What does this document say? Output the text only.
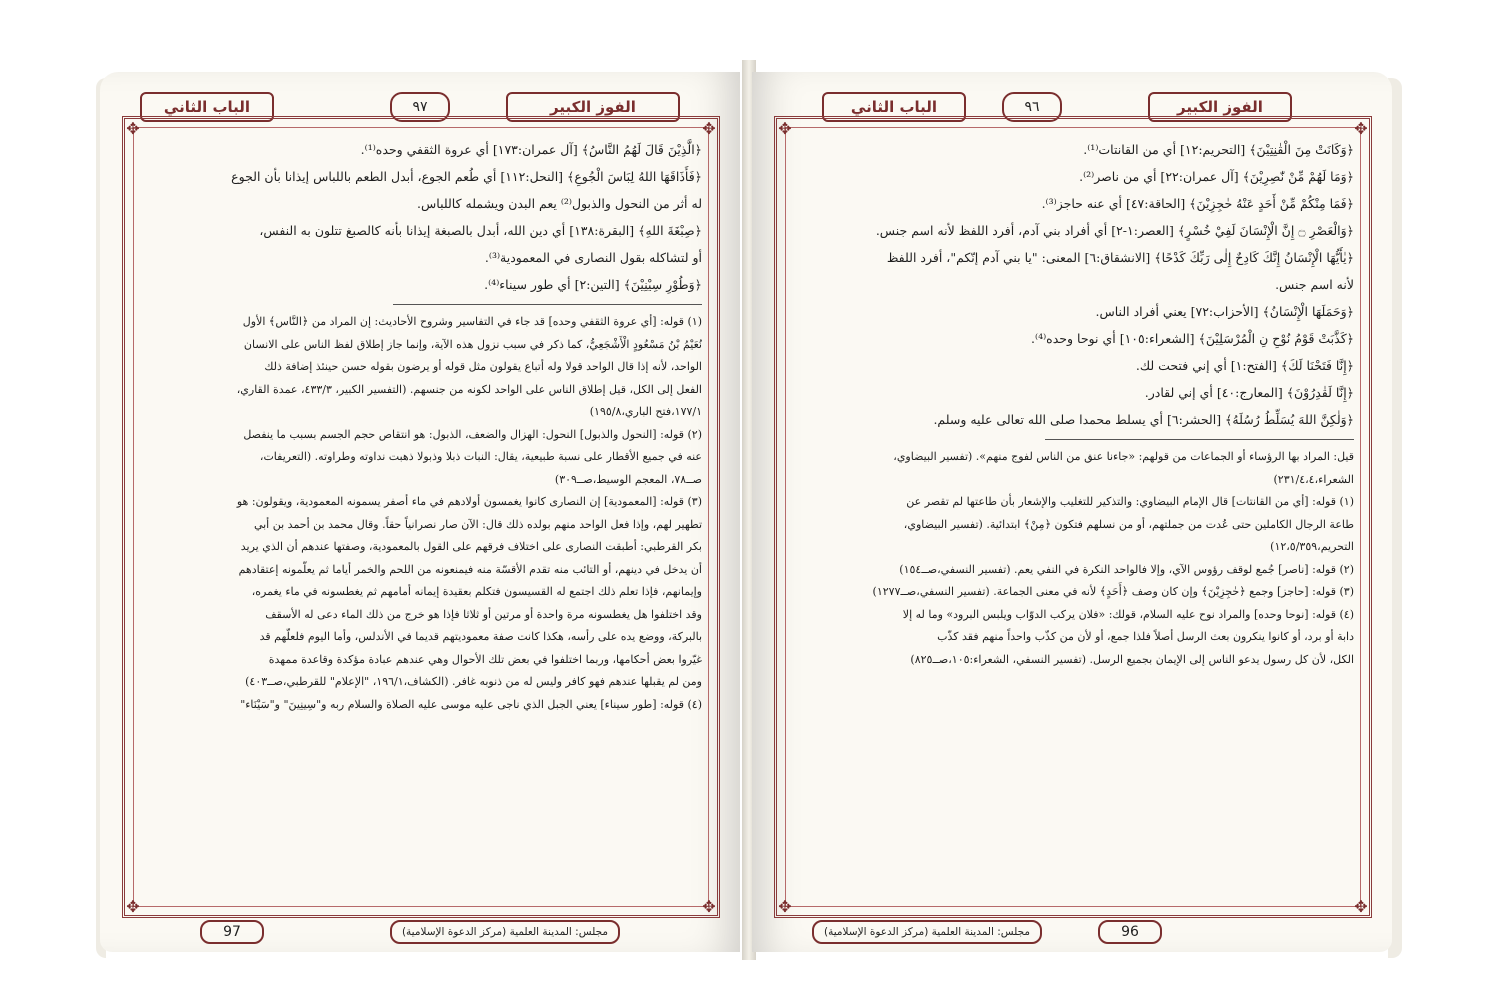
الفوز الكبير
٩٧
الباب الثاني
✥	✥
✥	✥
﴿الَّذِيْنَ قَالَ لَهُمُ النَّاسُ﴾ [آل عمران:١٧٣] أي عروة الثقفي وحده⁽¹⁾.
﴿فَأَذَاقَهَا اللهُ لِبَاسَ الْجُوعِ﴾ [النحل:١١٢] أي طُعم الجوع، أبدل الطعم باللباس إيذانا بأن الجوع
له أثر من النحول والذبول⁽²⁾ يعم البدن ويشمله كاللباس.
﴿صِبْغَةَ اللهِ﴾ [البقرة:١٣٨] أي دين الله، أبدل بالصبغة إيذانا بأنه كالصبغ تتلون به النفس،
أو لتشاكله بقول النصارى في المعمودية⁽³⁾.
﴿وَطُوْرِ سِيْنِيْنَ﴾ [التين:٢] أي طور سيناء⁽⁴⁾.
(١) قوله: [أي عروة الثقفي وحده] قد جاء في التفاسير وشروح الأحاديث: إن المراد من ﴿النَّاس﴾ الأول
نُعَيْمُ بْنُ مَسْعُودٍ الْأَشْجَعِيُّ، كما ذكر في سبب نزول هذه الآية، وإنما جاز إطلاق لفظ الناس على الانسان
الواحد، لأنه إذا قال الواحد قولا وله أتباع يقولون مثل قوله أو يرضون بقوله حسن حينئذ إضافة ذلك
الفعل إلى الكل، قيل إطلاق الناس على الواحد لكونه من جنسهم. (التفسير الكبير، ٤٣٣/٣، عمدة القاري،
١٧٧/١،فتح الباري،١٩٥/٨)
(٢) قوله: [النحول والذبول] النحول: الهزال والضعف، الذبول: هو انتقاص حجم الجسم بسبب ما ينفصل
عنه في جميع الأقطار على نسبة طبيعية، يقال: النبات ذبلا وذبولا ذهبت نداوته وطراوته. (التعريفات،
صــ٧٨، المعجم الوسيط،صــ٣٠٩)
(٣) قوله: [المعمودية] إن النصارى كانوا يغمسون أولادهم في ماء أصفر يسمونه المعمودية، ويقولون: هو
تطهير لهم، وإذا فعل الواحد منهم بولده ذلك قال: الآن صار نصرانياً حقاً. وقال محمد بن أحمد بن أبي
بكر القرطبي: أطبقت النصارى على اختلاف فرقهم على القول بالمعمودية، وصفتها عندهم أن الذي يريد
أن يدخل في دينهم، أو التائب منه تقدم الأقسّة منه فيمنعونه من اللحم والخمر أياما ثم يعلّمونه إعتقادهم
وإيمانهم، فإذا تعلم ذلك اجتمع له القسيسون فتكلم بعقيدة إيمانه أمامهم ثم يغطسونه في ماء يغمره،
وقد اختلفوا هل يغطسونه مرة واحدة أو مرتين أو ثلاثا فإذا هو خرج من ذلك الماء دعى له الأسقف
بالبركة، ووضع يده على رأسه، هكذا كانت صفة معموديتهم قديما في الأندلس، وأما اليوم فلعلّهم قد
غيّروا بعض أحكامها، وربما اختلفوا في بعض تلك الأحوال وهي عندهم عبادة مؤكدة وقاعدة ممهدة
ومن لم يقبلها عندهم فهو كافر وليس له من ذنوبه غافر. (الكشاف،١٩٦/١، "الإعلام" للقرطبي،صــ٤٠٣)
(٤) قوله: [طور سيناء] يعني الجبل الذي ناجى عليه موسى عليه الصلاة والسلام ربه و"سِينِينَ" و"سَيْنَاء"
مجلس: المدينة العلمية (مركز الدعوة الإسلامية)
97
الفوز الكبير
٩٦
الباب الثاني
✥	✥
✥	✥
﴿وَكَانَتْ مِنَ الْقٰنِتِيْنَ﴾ [التحريم:١٢] أي من القانتات⁽¹⁾.
﴿وَمَا لَهُمْ مِّنْ نّٰصِرِيْنَ﴾ [آل عمران:٢٢] أي من ناصر⁽²⁾.
﴿فَمَا مِنْكُمْ مِّنْ أَحَدٍ عَنْهُ حٰجِزِيْنَ﴾ [الحاقة:٤٧] أي عنه حاجز⁽³⁾.
﴿وَالْعَصْرِ ۝ إِنَّ الْإِنْسَانَ لَفِيْ خُسْرٍ﴾ [العصر:١-٢] أي أفراد بني آدم، أفرد اللفظ لأنه اسم جنس.
﴿يٰأَيُّهَا الْإِنْسَانُ إِنَّكَ كَادِحٌ إِلٰى رَبِّكَ كَدْحًا﴾ [الانشقاق:٦] المعنى: "يا بني آدم إنّكم"، أفرد اللفظ
لأنه اسم جنس.
﴿وَحَمَلَهَا الْإِنْسَانُ﴾ [الأحزاب:٧٢] يعني أفراد الناس.
﴿كَذَّبَتْ قَوْمُ نُوْحِ نِ الْمُرْسَلِيْنَ﴾ [الشعراء:١٠٥] أي نوحا وحده⁽⁴⁾.
﴿إِنَّا فَتَحْنَا لَكَ﴾ [الفتح:١] أي إني فتحت لك.
﴿إِنَّا لَقٰدِرُوْنَ﴾ [المعارج:٤٠] أي إني لقادر.
﴿وَلٰكِنَّ اللهَ يُسَلِّطُ رُسُلَهُ﴾ [الحشر:٦] أي يسلط محمدا صلى الله تعالى عليه وسلم.
قيل: المراد بها الرؤساء أو الجماعات من قولهم: «جاءنا عنق من الناس لفوج منهم». (تفسير البيضاوي،
الشعراء،٢٣١/٤،٤)
(١) قوله: [أي من القانتات] قال الإمام البيضاوي: والتذكير للتغليب والإشعار بأن طاعتها لم تقصر عن
طاعة الرجال الكاملين حتى عُدت من جملتهم، أو من نسلهم فتكون ﴿مِنْ﴾ ابتدائية. (تفسير البيضاوي،
التحريم،١٢،٥/٣٥٩)
(٢) قوله: [ناصر] جُمع لوقف رؤوس الآي، وإلا فالواحد النكرة في النفي يعم. (تفسير النسفي،صــ١٥٤)
(٣) قوله: [حاجز] وجمع ﴿حٰجِزِيْنَ﴾ وإن كان وصف ﴿أَحَدٍ﴾ لأنه في معنى الجماعة. (تفسير النسفي،صــ١٢٧٧)
(٤) قوله: [نوحا وحده] والمراد نوح عليه السلام، قولك: «فلان يركب الدوّاب ويلبس البرود» وما له إلا
دابة أو برد، أو كانوا ينكرون بعث الرسل أصلاً فلذا جمع، أو لأن من كذّب واحداً منهم فقد كذّب
الكل، لأن كل رسول يدعو الناس إلى الإيمان بجميع الرسل. (تفسير النسفي، الشعراء:١٠٥،صــ٨٢٥)
مجلس: المدينة العلمية (مركز الدعوة الإسلامية)	96
